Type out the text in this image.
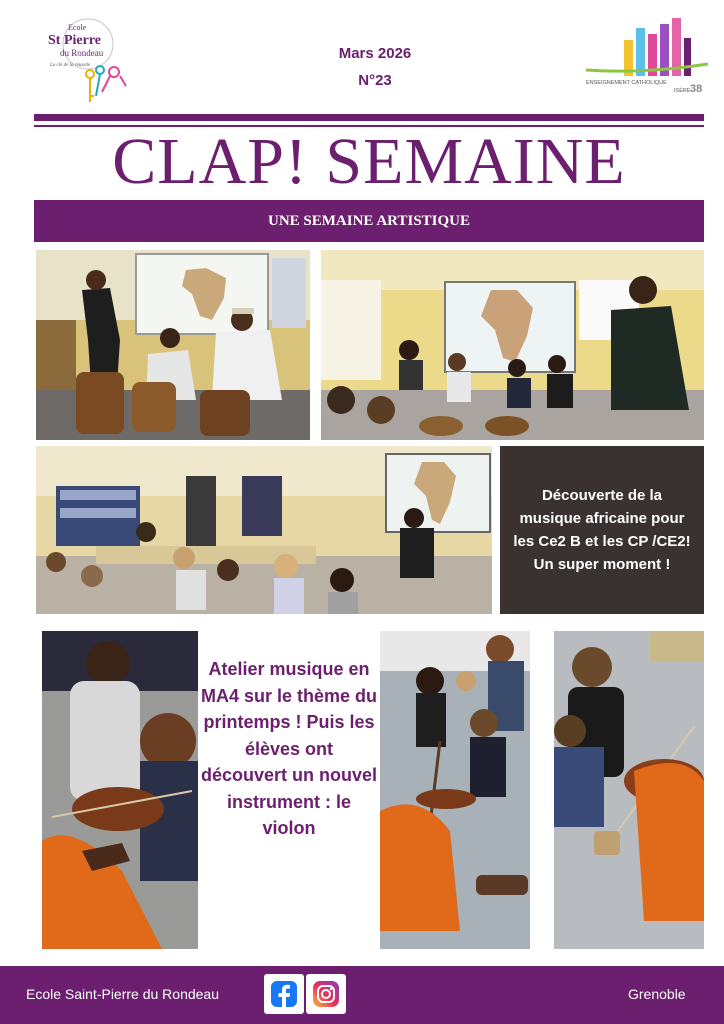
Ecole
St Pierre
du Rondeau
La clé de la réussite
Mars 2026
N°23	ENSEIGNEMENT CATHOLIQUE
ISÈRE 38
CLAP! SEMAINE
UNE SEMAINE ARTISTIQUE
Découverte de la musique africaine pour les Ce2 B et les CP /CE2! Un super moment !
Atelier musique en MA4 sur le thème du printemps ! Puis les élèves ont découvert un nouvel instrument : le violon
Ecole Saint-Pierre du Rondeau	Grenoble
